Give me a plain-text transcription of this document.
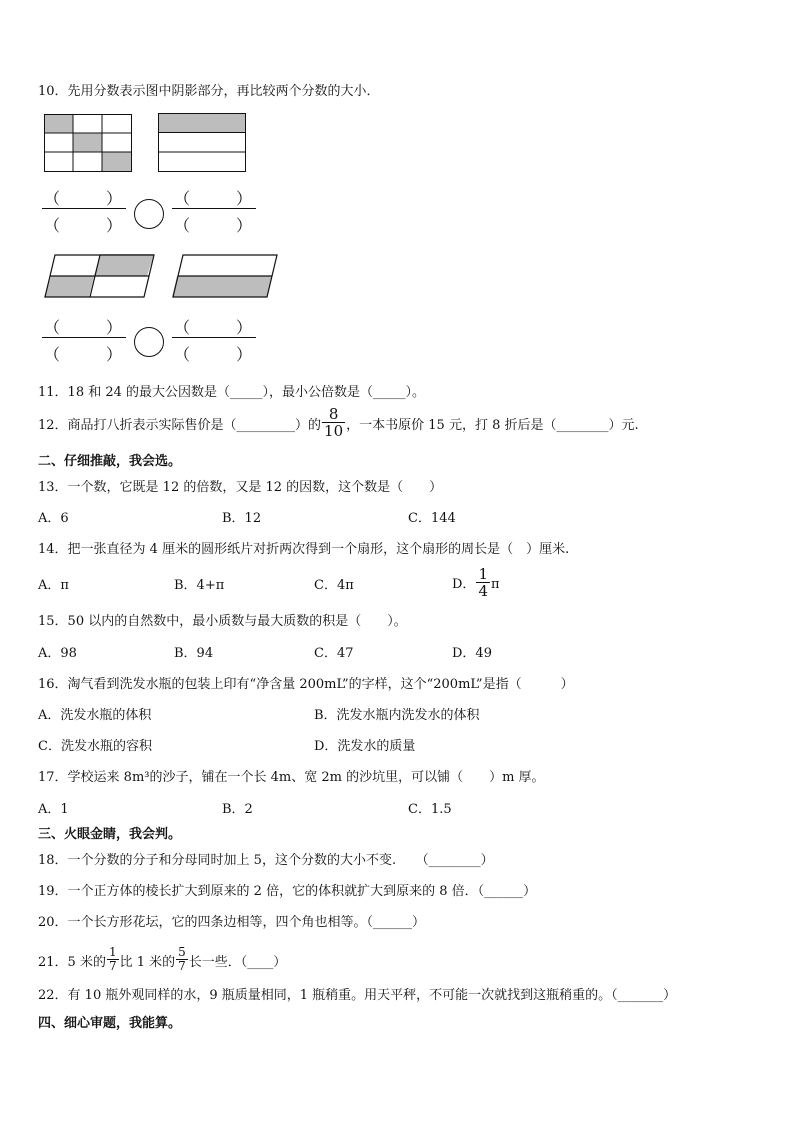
10．先用分数表示图中阴影部分，再比较两个分数的大小．
（	）
（	）
（	）
（	）
（	）
（	）
（	）
（	）
11．18 和 24 的最大公因数是（_____），最小公倍数是（_____）。
12．商品打八折表示实际售价是（_________）的 $\frac{8}{10}$ ，一本书原价 15 元，打 8 折后是（________）元.
二、仔细推敲，我会选。
13．一个数，它既是 12 的倍数，又是 12 的因数，这个数是（　　）
A．6	B．12	C．144
14．把一张直径为 4 厘米的圆形纸片对折两次得到一个扇形，这个扇形的周长是（　）厘米.
A．π	B．4+π	C．4π	D． $\frac{1}{4}$ π
15．50 以内的自然数中，最小质数与最大质数的积是（　　）。
A．98	B．94	C．47	D．49
16．淘气看到洗发水瓶的包装上印有“净含量 200mL”的字样，这个“200mL”是指（　　　）
A．洗发水瓶的体积	B．洗发水瓶内洗发水的体积
C．洗发水瓶的容积	D．洗发水的质量
17．学校运来 8m³的沙子，铺在一个长 4m、宽 2m 的沙坑里，可以铺（　　）m 厚。
A．1	B．2	C．1.5
三、火眼金睛，我会判。
18．一个分数的分子和分母同时加上 5，这个分数的大小不变.　　（________）
19．一个正方体的棱长扩大到原来的 2 倍，它的体积就扩大到原来的 8 倍．（______）
20．一个长方形花坛，它的四条边相等，四个角也相等。（______）
21．5 米的 $\frac{1}{7}$ 比 1 米的 $\frac{5}{7}$ 长一些．（____）
22．有 10 瓶外观同样的水，9 瓶质量相同，1 瓶稍重。用天平秤，不可能一次就找到这瓶稍重的。（_______）
四、细心审题，我能算。
